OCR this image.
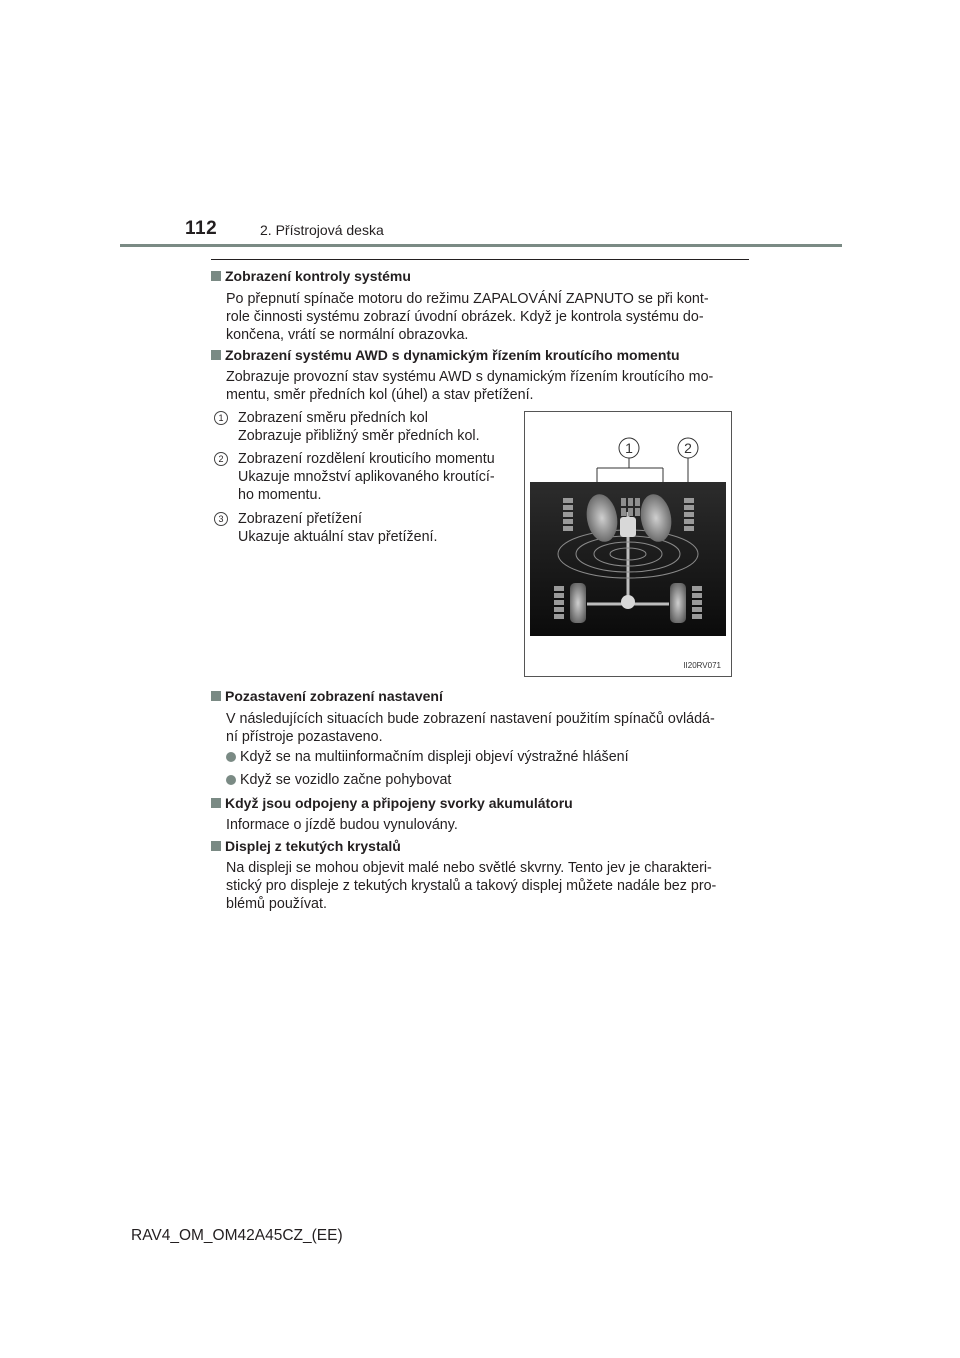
112	2. Přístrojová deska
Zobrazení kontroly systému
Po přepnutí spínače motoru do režimu ZAPALOVÁNÍ ZAPNUTO se při kont-
role činnosti systému zobrazí úvodní obrázek. Když je kontrola systému do-
končena, vrátí se normální obrazovka.
Zobrazení systému AWD s dynamickým řízením kroutícího momentu
Zobrazuje provozní stav systému AWD s dynamickým řízením kroutícího mo-
mentu, směr předních kol (úhel) a stav přetížení.
1	Zobrazení směru předních kol
Zobrazuje přibližný směr předních kol.
2	Zobrazení rozdělení krouticího momentu
Ukazuje množství aplikovaného kroutící-
ho momentu.
3	Zobrazení přetížení
Ukazuje aktuální stav přetížení.
1	2
II20RV071
Pozastavení zobrazení nastavení
V následujících situacích bude zobrazení nastavení použitím spínačů ovládá-
ní přístroje pozastaveno.
Když se na multiinformačním displeji objeví výstražné hlášení
Když se vozidlo začne pohybovat
Když jsou odpojeny a připojeny svorky akumulátoru
Informace o jízdě budou vynulovány.
Displej z tekutých krystalů
Na displeji se mohou objevit malé nebo světlé skvrny. Tento jev je charakteri-
stický pro displeje z tekutých krystalů a takový displej můžete nadále bez pro-
blémů používat.
RAV4_OM_OM42A45CZ_(EE)
